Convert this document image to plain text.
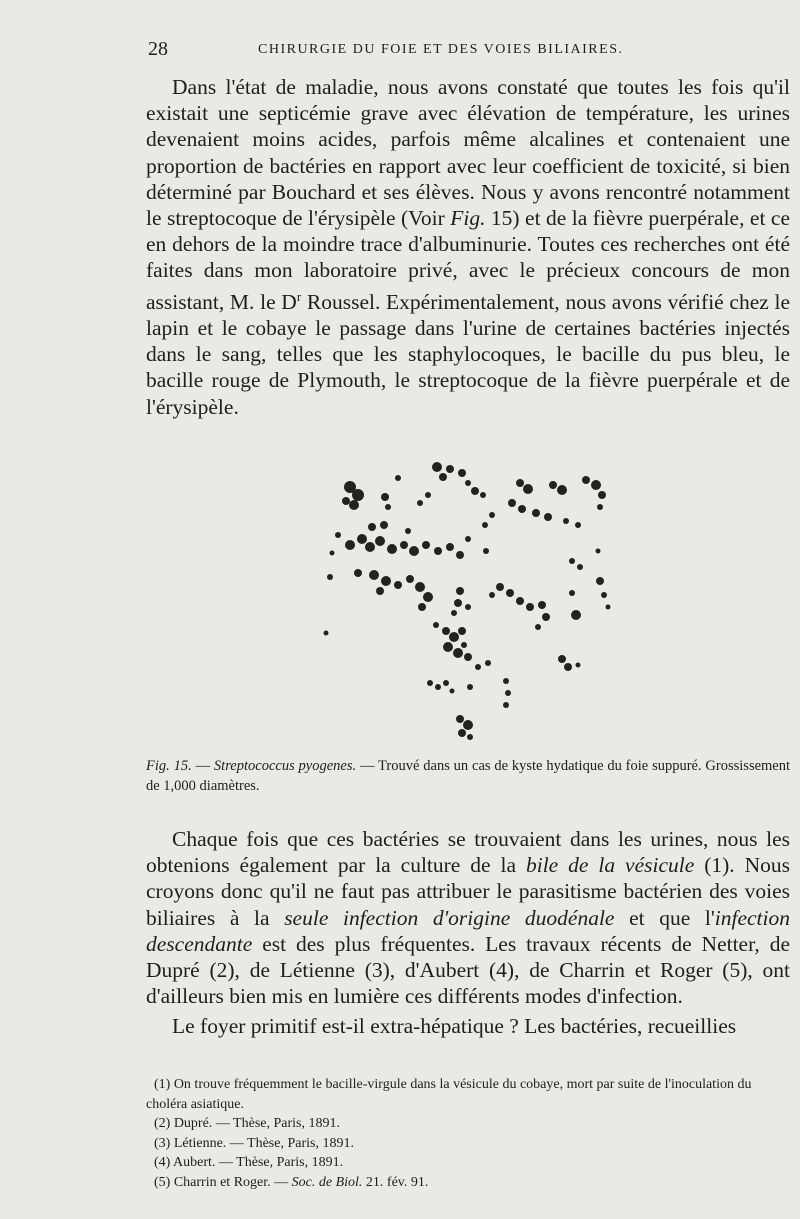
28	CHIRURGIE DU FOIE ET DES VOIES BILIAIRES.

Dans l'état de maladie, nous avons constaté que toutes les fois qu'il existait une septicémie grave avec élévation de température, les urines devenaient moins acides, parfois même alcalines et contenaient une proportion de bactéries en rapport avec leur coefficient de toxicité, si bien déterminé par Bouchard et ses élèves. Nous y avons rencontré notamment le streptocoque de l'érysipèle (Voir Fig. 15) et de la fièvre puerpérale, et ce en dehors de la moindre trace d'albuminurie. Toutes ces recherches ont été faites dans mon laboratoire privé, avec le précieux concours de mon assistant, M. le $D^r$ Roussel. Expérimentalement, nous avons vérifié chez le lapin et le cobaye le passage dans l'urine de certaines bactéries injectés dans le sang, telles que les staphylocoques, le bacille du pus bleu, le bacille rouge de Plymouth, le streptocoque de la fièvre puerpérale et de l'érysipèle.

Fig. 15. — Streptococcus pyogenes. — Trouvé dans un cas de kyste hydatique du foie suppuré. Grossissement de 1,000 diamètres.

Chaque fois que ces bactéries se trouvaient dans les urines, nous les obtenions également par la culture de la bile de la vésicule (1). Nous croyons donc qu'il ne faut pas attribuer le parasitisme bactérien des voies biliaires à la seule infection d'origine duodénale et que l'infection descendante est des plus fréquentes. Les travaux récents de Netter, de Dupré (2), de Létienne (3), d'Aubert (4), de Charrin et Roger (5), ont d'ailleurs bien mis en lumière ces différents modes d'infection.

Le foyer primitif est-il extra-hépatique ? Les bactéries, recueillies

(1) On trouve fréquemment le bacille-virgule dans la vésicule du cobaye, mort par suite de l'inoculation du choléra asiatique.

(2) Dupré. — Thèse, Paris, 1891.

(3) Létienne. — Thèse, Paris, 1891.

(4) Aubert. — Thèse, Paris, 1891.

(5) Charrin et Roger. — Soc. de Biol. 21. fév. 91.
